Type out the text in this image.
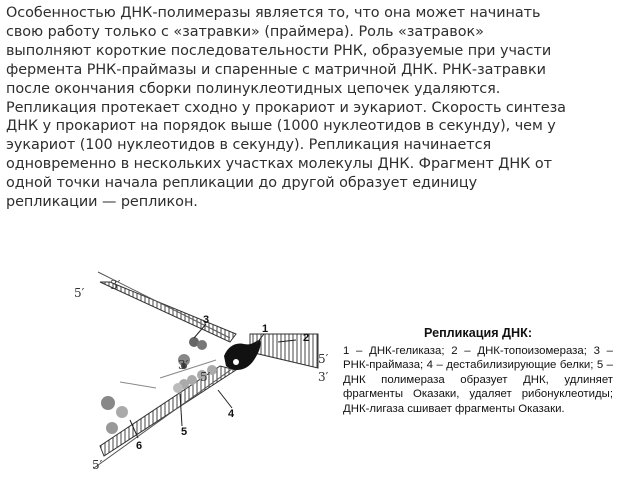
Особенностью ДНК-полимеразы является то, что она может начинать
свою работу только с «затравки» (праймера). Роль «затравок»
выполняют короткие последовательности РНК, образуемые при участи
фермента РНК-праймазы и спаренные с матричной ДНК. РНК-затравки
после окончания сборки полинуклеотидных цепочек удаляются.
Репликация протекает сходно у прокариот и эукариот. Скорость синтеза
ДНК у прокариот на порядок выше (1000 нуклеотидов в секунду), чем у
эукариот (100 нуклеотидов в секунду). Репликация начинается
одновременно в нескольких участках молекулы ДНК. Фрагмент ДНК от
одной точки начала репликации до другой образует единицу
репликации — репликон.
3
1
2
4
5
6
5′
3′
5′
3′
3′
5′
5′
Репликация ДНК:
1 – ДНК-геликаза; 2 – ДНК-топоизомераза; 3 – РНК-праймаза; 4 – дестабилизирующие белки; 5 – ДНК полимераза образует ДНК, удлиняет фрагменты Оказаки, удаляет рибонуклеотиды; ДНК-лигаза сшивает фрагменты Оказаки.
